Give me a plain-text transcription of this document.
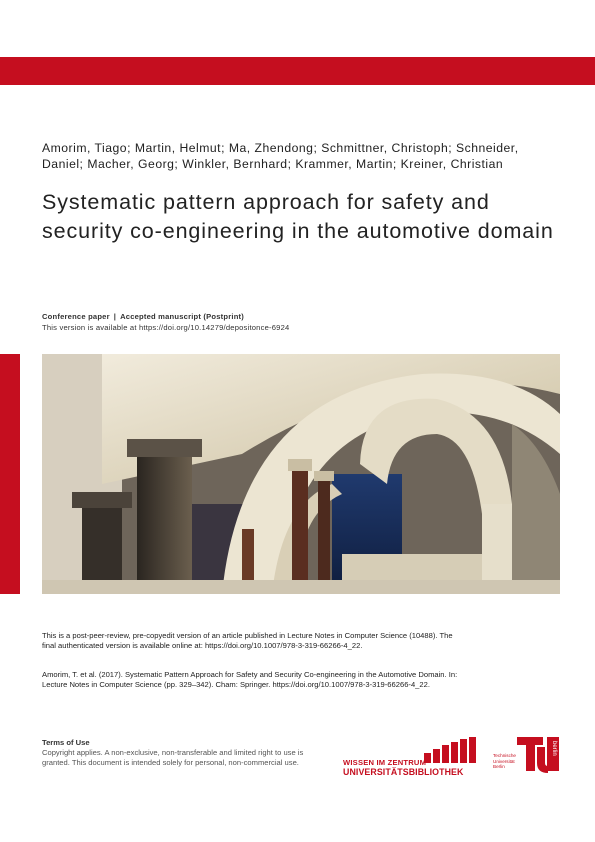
Amorim, Tiago; Martin, Helmut; Ma, Zhendong; Schmittner, Christoph; Schneider, Daniel; Macher, Georg; Winkler, Bernhard; Krammer, Martin; Kreiner, Christian
Systematic pattern approach for safety and security co-engineering in the automotive domain
Conference paper | Accepted manuscript (Postprint)
This version is available at https://doi.org/10.14279/depositonce-6924
This is a post-peer-review, pre-copyedit version of an article published in Lecture Notes in Computer Science (10488). The final authenticated version is available online at: https://doi.org/10.1007/978-3-319-66266-4_22.
Amorim, T. et al. (2017). Systematic Pattern Approach for Safety and Security Co-engineering in the Automotive Domain. In: Lecture Notes in Computer Science (pp. 329–342). Cham: Springer. https://doi.org/10.1007/978-3-319-66266-4_22.
Terms of Use
Copyright applies. A non-exclusive, non-transferable and limited right to use is granted. This document is intended solely for personal, non-commercial use.	WISSEN IM ZENTRUM
UNIVERSITÄTSBIBLIOTHEK
Technische Universität Berlin
berlin
